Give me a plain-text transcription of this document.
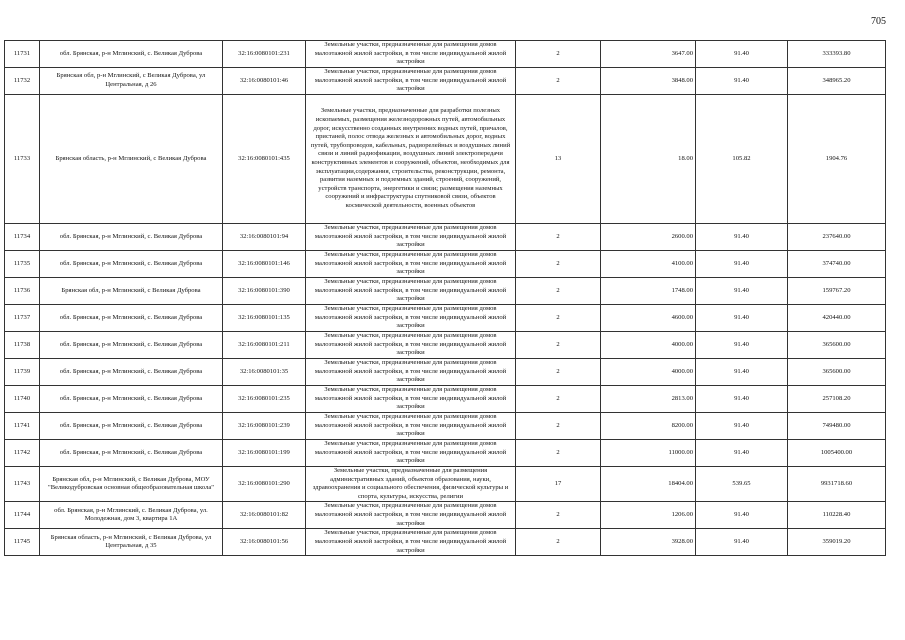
705
11731	обл. Брянская, р-н Мглинский, с. Великая Дуброва	32:16:0080101:231	Земельные участки, предназначенные для размещения домов малоэтажной жилой застройки, в том числе индивидуальной жилой застройки	2	3647.00	91.40	333393.80
11732	Брянская обл, р-н Мглинский, с Великая Дуброва, ул Центральная, д 26	32:16:0080101:46	Земельные участки, предназначенные для размещения домов малоэтажной жилой застройки, в том числе индивидуальной жилой застройки	2	3848.00	91.40	348965.20
11733	Брянская область, р-н Мглинский, с Великая Дуброва	32:16:0080101:435	Земельные участки, предназначенные для разработки полезных ископаемых, размещения железнодорожных путей, автомобильных дорог, искусственно созданных внутренних водных путей, причалов, пристаней, полос отвода железных и автомобильных дорог, водных путей, трубопроводов, кабельных, радиорелейных и воздушных линий связи и линий радиофикации, воздушных линий электропередачи конструктивных элементов и сооружений, объектов, необходимых для эксплуатации,содержания, строительства, реконструкции, ремонта, развития наземных и подземных зданий, строений, сооружений, устройств транспорта, энергетики и связи; размещения наземных сооружений и инфраструктуры спутниковой связи, объектов космической деятельности, военных объектов	13	18.00	105.82	1904.76
11734	обл. Брянская, р-н Мглинский, с. Великая Дуброва	32:16:0080101:94	Земельные участки, предназначенные для размещения домов малоэтажной жилой застройки, в том числе индивидуальной жилой застройки	2	2600.00	91.40	237640.00
11735	обл. Брянская, р-н Мглинский, с. Великая Дуброва	32:16:0080101:146	Земельные участки, предназначенные для размещения домов малоэтажной жилой застройки, в том числе индивидуальной жилой застройки	2	4100.00	91.40	374740.00
11736	Брянская обл, р-н Мглинский, с Великая Дуброва	32:16:0080101:390	Земельные участки, предназначенные для размещения домов малоэтажной жилой застройки, в том числе индивидуальной жилой застройки	2	1748.00	91.40	159767.20
11737	обл. Брянская, р-н Мглинский, с. Великая Дуброва	32:16:0080101:135	Земельные участки, предназначенные для размещения домов малоэтажной жилой застройки, в том числе индивидуальной жилой застройки	2	4600.00	91.40	420440.00
11738	обл. Брянская, р-н Мглинский, с. Великая Дуброва	32:16:0080101:211	Земельные участки, предназначенные для размещения домов малоэтажной жилой застройки, в том числе индивидуальной жилой застройки	2	4000.00	91.40	365600.00
11739	обл. Брянская, р-н Мглинский, с. Великая Дуброва	32:16:0080101:35	Земельные участки, предназначенные для размещения домов малоэтажной жилой застройки, в том числе индивидуальной жилой застройки	2	4000.00	91.40	365600.00
11740	обл. Брянская, р-н Мглинский, с. Великая Дуброва	32:16:0080101:235	Земельные участки, предназначенные для размещения домов малоэтажной жилой застройки, в том числе индивидуальной жилой застройки	2	2813.00	91.40	257108.20
11741	обл. Брянская, р-н Мглинский, с. Великая Дуброва	32:16:0080101:239	Земельные участки, предназначенные для размещения домов малоэтажной жилой застройки, в том числе индивидуальной жилой застройки	2	8200.00	91.40	749480.00
11742	обл. Брянская, р-н Мглинский, с. Великая Дуброва	32:16:0080101:199	Земельные участки, предназначенные для размещения домов малоэтажной жилой застройки, в том числе индивидуальной жилой застройки	2	11000.00	91.40	1005400.00
11743	Брянская обл, р-н Мглинский, с Великая Дуброва, МОУ "Великодубровская основная общеобразовательная школа"	32:16:0080101:290	Земельные участки, предназначенные для размещения административных зданий, объектов образования, науки, здравоохранения и социального обеспечения, физической культуры и спорта, культуры, искусства, религии	17	18404.00	539.65	9931718.60
11744	обл. Брянская, р-н Мглинский, с. Великая Дуброва, ул. Молодежная, дом 3, квартира 1А	32:16:0080101:82	Земельные участки, предназначенные для размещения домов малоэтажной жилой застройки, в том числе индивидуальной жилой застройки	2	1206.00	91.40	110228.40
11745	Брянская область, р-н Мглинский, с Великая Дуброва, ул Центральная, д 35	32:16:0080101:56	Земельные участки, предназначенные для размещения домов малоэтажной жилой застройки, в том числе индивидуальной жилой застройки	2	3928.00	91.40	359019.20
